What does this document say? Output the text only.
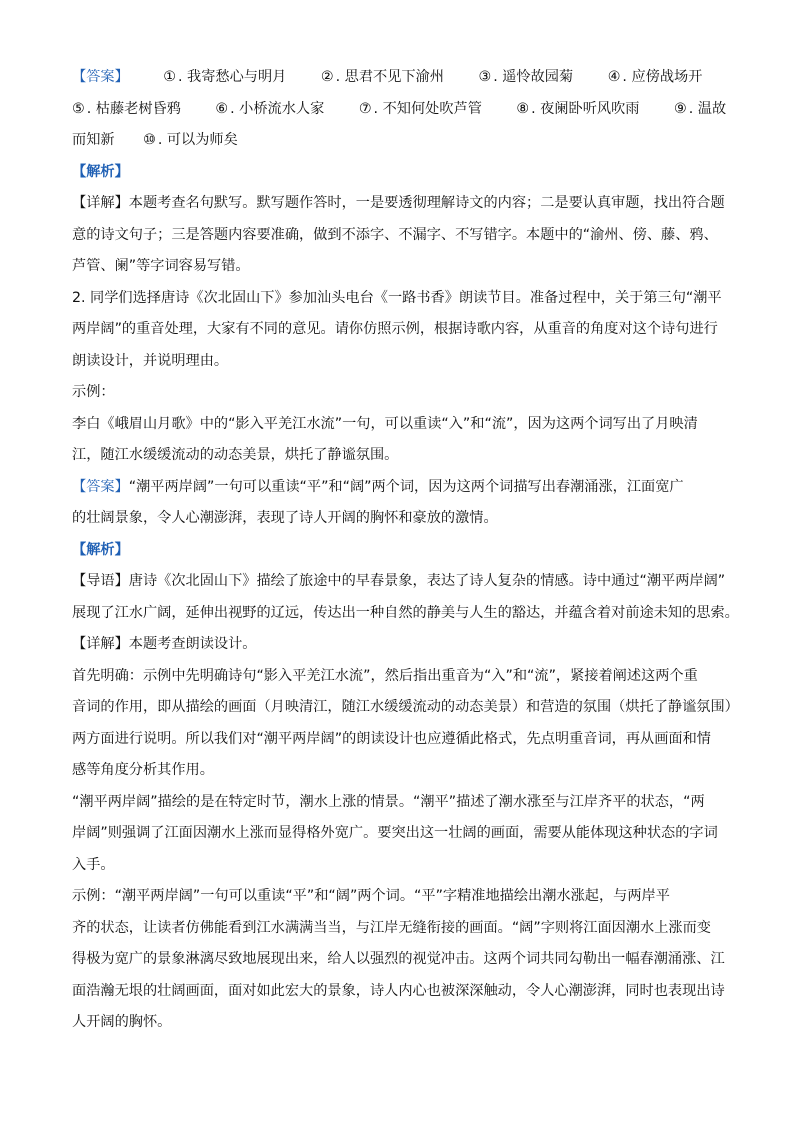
【答案】 ① . 我寄愁心与明月 ② . 思君不见下渝州 ③ . 遥怜故园菊 ④ . 应傍战场开
⑤ . 枯藤老树昏鸦 ⑥ . 小桥流水人家 ⑦ . 不知何处吹芦管 ⑧ . 夜阑卧听风吹雨 ⑨ . 温故
而知新 ⑩ . 可以为师矣
【解析】
【详解】本题考查名句默写。默写题作答时，一是要透彻理解诗文的内容；二是要认真审题，找出符合题
意的诗文句子；三是答题内容要准确，做到不添字、不漏字、不写错字。本题中的“渝州、傍、藤、鸦、
芦管、阑”等字词容易写错。
2. 同学们选择唐诗《次北固山下》参加汕头电台《一路书香》朗读节目。准备过程中，关于第三句“潮平
两岸阔”的重音处理，大家有不同的意见。请你仿照示例，根据诗歌内容，从重音的角度对这个诗句进行
朗读设计，并说明理由。
示例：
李白《峨眉山月歌》中的“影入平羌江水流”一句，可以重读“入”和“流”，因为这两个词写出了月映清
江，随江水缓缓流动的动态美景，烘托了静谧氛围。
【答案】“潮平两岸阔”一句可以重读“平”和“阔”两个词，因为这两个词描写出春潮涌涨，江面宽广
的壮阔景象，令人心潮澎湃，表现了诗人开阔的胸怀和豪放的激情。
【解析】
【导语】唐诗《次北固山下》描绘了旅途中的早春景象，表达了诗人复杂的情感。诗中通过“潮平两岸阔”
展现了江水广阔，延伸出视野的辽远，传达出一种自然的静美与人生的豁达，并蕴含着对前途未知的思索。
【详解】本题考查朗读设计。
首先明确：示例中先明确诗句“影入平羌江水流”，然后指出重音为“入”和“流”，紧接着阐述这两个重
音词的作用，即从描绘的画面（月映清江，随江水缓缓流动的动态美景）和营造的氛围（烘托了静谧氛围）
两方面进行说明。所以我们对“潮平两岸阔”的朗读设计也应遵循此格式，先点明重音词，再从画面和情
感等角度分析其作用。
“潮平两岸阔”描绘的是在特定时节，潮水上涨的情景。“潮平”描述了潮水涨至与江岸齐平的状态，“两
岸阔”则强调了江面因潮水上涨而显得格外宽广。要突出这一壮阔的画面，需要从能体现这种状态的字词
入手。
示例：“潮平两岸阔”一句可以重读“平”和“阔”两个词。“平”字精准地描绘出潮水涨起，与两岸平
齐的状态，让读者仿佛能看到江水满满当当，与江岸无缝衔接的画面。“阔”字则将江面因潮水上涨而变
得极为宽广的景象淋漓尽致地展现出来，给人以强烈的视觉冲击。这两个词共同勾勒出一幅春潮涌涨、江
面浩瀚无垠的壮阔画面，面对如此宏大的景象，诗人内心也被深深触动，令人心潮澎湃，同时也表现出诗
人开阔的胸怀。
